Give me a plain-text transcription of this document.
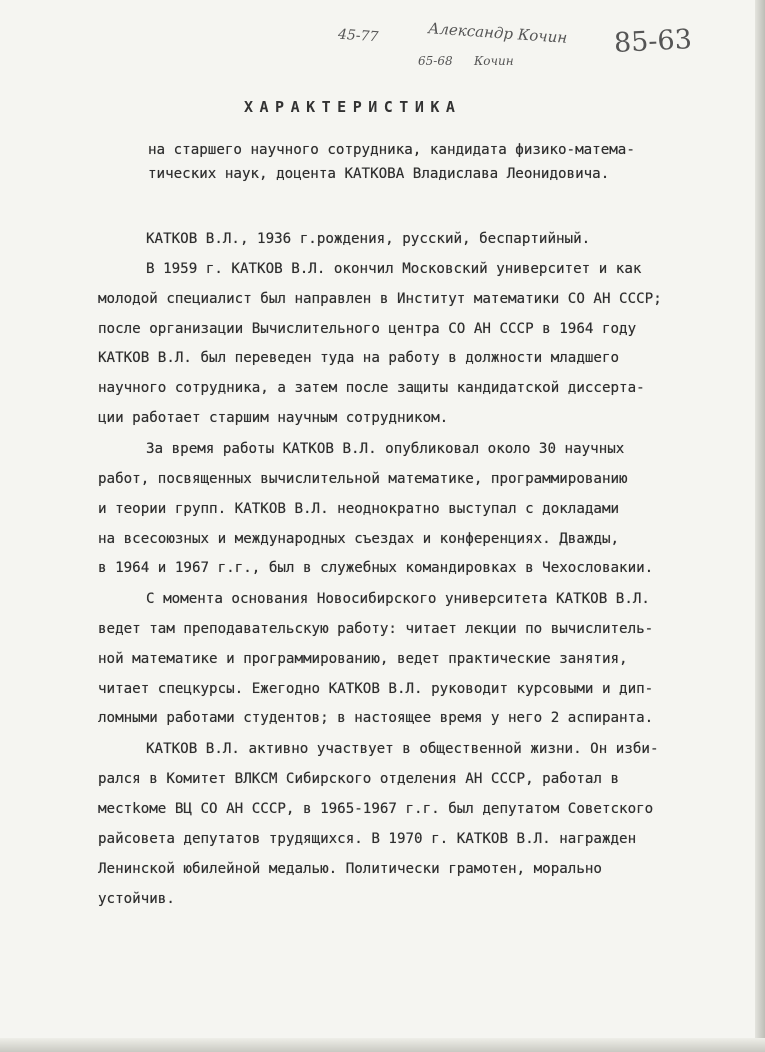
45-77	Александр Кочин
65-68 Кочин
85-63
ХАРАКТЕРИСТИКА
на старшего научного сотрудника, кандидата физико-матема-
тических наук, доцента КАТКОВА Владислава Леонидовича.
КАТКОВ В.Л., 1936 г.рождения, русский, беспартийный.
В 1959 г. КАТКОВ В.Л. окончил Московский университет и как
молодой специалист был направлен в Институт математики СО АН СССР;
после организации Вычислительного центра СО АН СССР в 1964 году
КАТКОВ В.Л. был переведен туда на работу в должности младшего
научного сотрудника, а затем после защиты кандидатской диссерта-
ции работает старшим научным сотрудником.
За время работы КАТКОВ В.Л. опубликовал около 30 научных
работ, посвященных вычислительной математике, программированию
и теории групп. КАТКОВ В.Л. неоднократно выступал с докладами
на всесоюзных и международных съездах и конференциях. Дважды,
в 1964 и 1967 г.г., был в служебных командировках в Чехословакии.
С момента основания Новосибирского университета КАТКОВ В.Л.
ведет там преподавательскую работу: читает лекции по вычислитель-
ной математике и программированию, ведет практические занятия,
читает спецкурсы. Ежегодно КАТКОВ В.Л. руководит курсовыми и дип-
ломными работами студентов; в настоящее время у него 2 аспиранта.
КАТКОВ В.Л. активно участвует в общественной жизни. Он изби-
рался в Комитет ВЛКСМ Сибирского отделения АН СССР, работал в
местkоме ВЦ СО АН СССР, в 1965-1967 г.г. был депутатом Советского
райсовета депутатов трудящихся. В 1970 г. КАТКОВ В.Л. награжден
Ленинской юбилейной медалью. Политически грамотен, морально
устойчив.
